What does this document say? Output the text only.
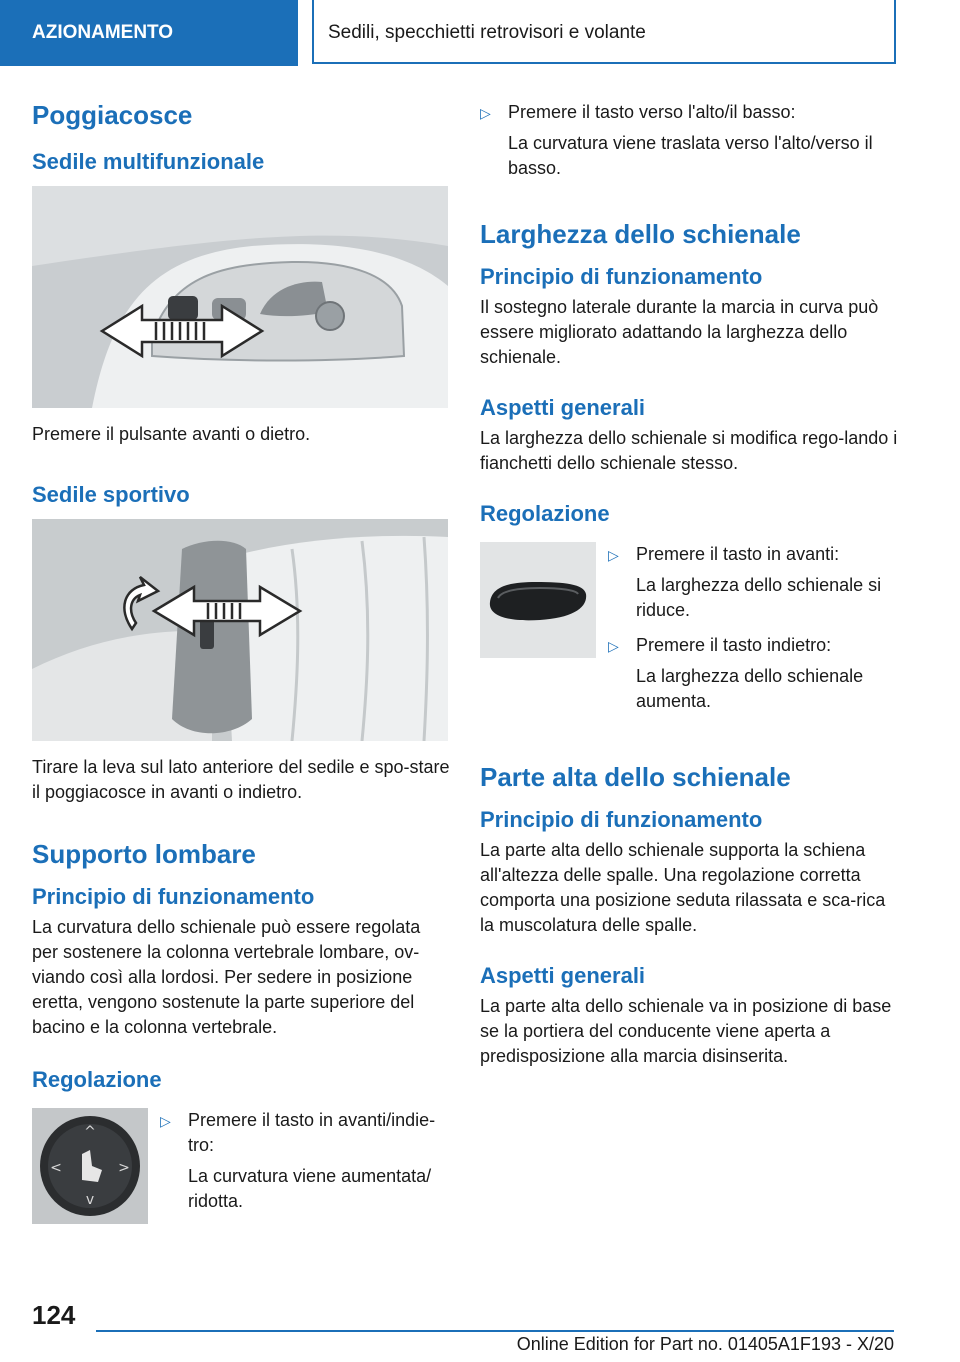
AZIONAMENTO	Sedili, specchietti retrovisori e volante
Poggiacosce
Sedile multifunzionale

Premere il pulsante avanti o dietro.

Sedile sportivo

Tirare la leva sul lato anteriore del sedile e spo-stare il poggiacosce in avanti o indietro.

Supporto lombare
Principio di funzionamento

La curvatura dello schienale può essere regolata per sostenere la colonna vertebrale lombare, ov-viando così alla lordosi. Per sedere in posizione eretta, vengono sostenute la parte superiore del bacino e la colonna vertebrale.

Regolazione
^
v
<	>
▷ Premere il tasto in avanti/indie-tro:
La curvatura viene aumentata/ ridotta.
▷ Premere il tasto verso l'alto/il basso:
La curvatura viene traslata verso l'alto/verso il basso.
Larghezza dello schienale
Principio di funzionamento

Il sostegno laterale durante la marcia in curva può essere migliorato adattando la larghezza dello schienale.

Aspetti generali

La larghezza dello schienale si modifica rego-lando i fianchetti dello schienale stesso.

Regolazione
▷ Premere il tasto in avanti:
La larghezza dello schienale si riduce.
▷ Premere il tasto indietro:
La larghezza dello schienale aumenta.
Parte alta dello schienale
Principio di funzionamento

La parte alta dello schienale supporta la schiena all'altezza delle spalle. Una regolazione corretta comporta una posizione seduta rilassata e sca-rica la muscolatura delle spalle.

Aspetti generali

La parte alta dello schienale va in posizione di base se la portiera del conducente viene aperta a predisposizione alla marcia disinserita.

124
Online Edition for Part no. 01405A1F193 - X/20
